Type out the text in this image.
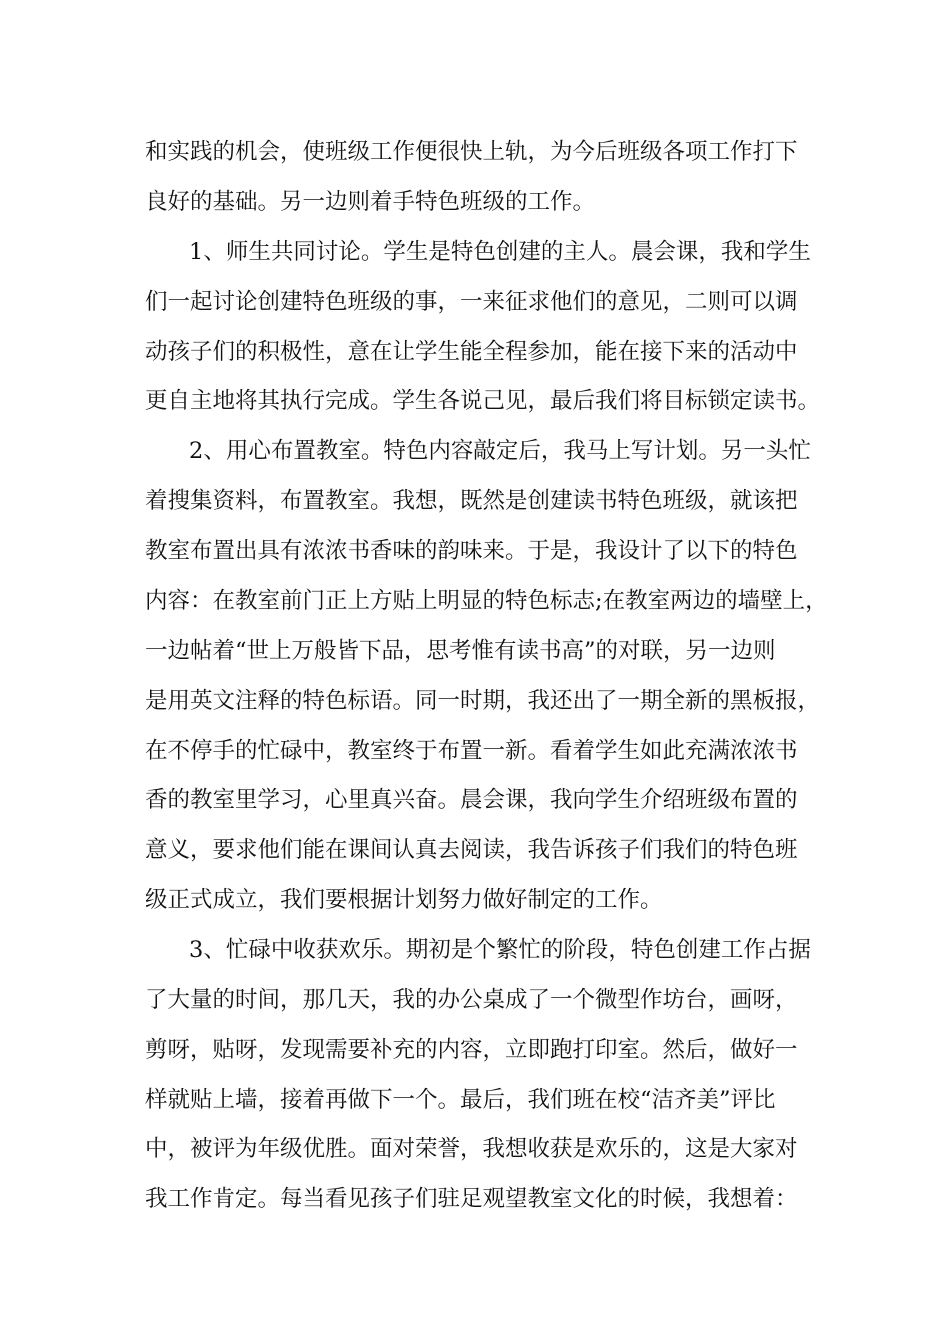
和实践的机会，使班级工作便很快上轨，为今后班级各项工作打下
良好的基础。另一边则着手特色班级的工作。
1、师生共同讨论。学生是特色创建的主人。晨会课，我和学生
们一起讨论创建特色班级的事，一来征求他们的意见，二则可以调
动孩子们的积极性，意在让学生能全程参加，能在接下来的活动中
更自主地将其执行完成。学生各说己见，最后我们将目标锁定读书。
2、用心布置教室。特色内容敲定后，我马上写计划。另一头忙
着搜集资料，布置教室。我想，既然是创建读书特色班级，就该把
教室布置出具有浓浓书香味的韵味来。于是，我设计了以下的特色
内容：在教室前门正上方贴上明显的特色标志;在教室两边的墙壁上，
一边帖着“世上万般皆下品，思考惟有读书高”的对联，另一边则
是用英文注释的特色标语。同一时期，我还出了一期全新的黑板报，
在不停手的忙碌中，教室终于布置一新。看着学生如此充满浓浓书
香的教室里学习，心里真兴奋。晨会课，我向学生介绍班级布置的
意义，要求他们能在课间认真去阅读，我告诉孩子们我们的特色班
级正式成立，我们要根据计划努力做好制定的工作。
3、忙碌中收获欢乐。期初是个繁忙的阶段，特色创建工作占据
了大量的时间，那几天，我的办公桌成了一个微型作坊台，画呀，
剪呀，贴呀，发现需要补充的内容，立即跑打印室。然后，做好一
样就贴上墙，接着再做下一个。最后，我们班在校“洁齐美”评比
中，被评为年级优胜。面对荣誉，我想收获是欢乐的，这是大家对
我工作肯定。每当看见孩子们驻足观望教室文化的时候，我想着：
